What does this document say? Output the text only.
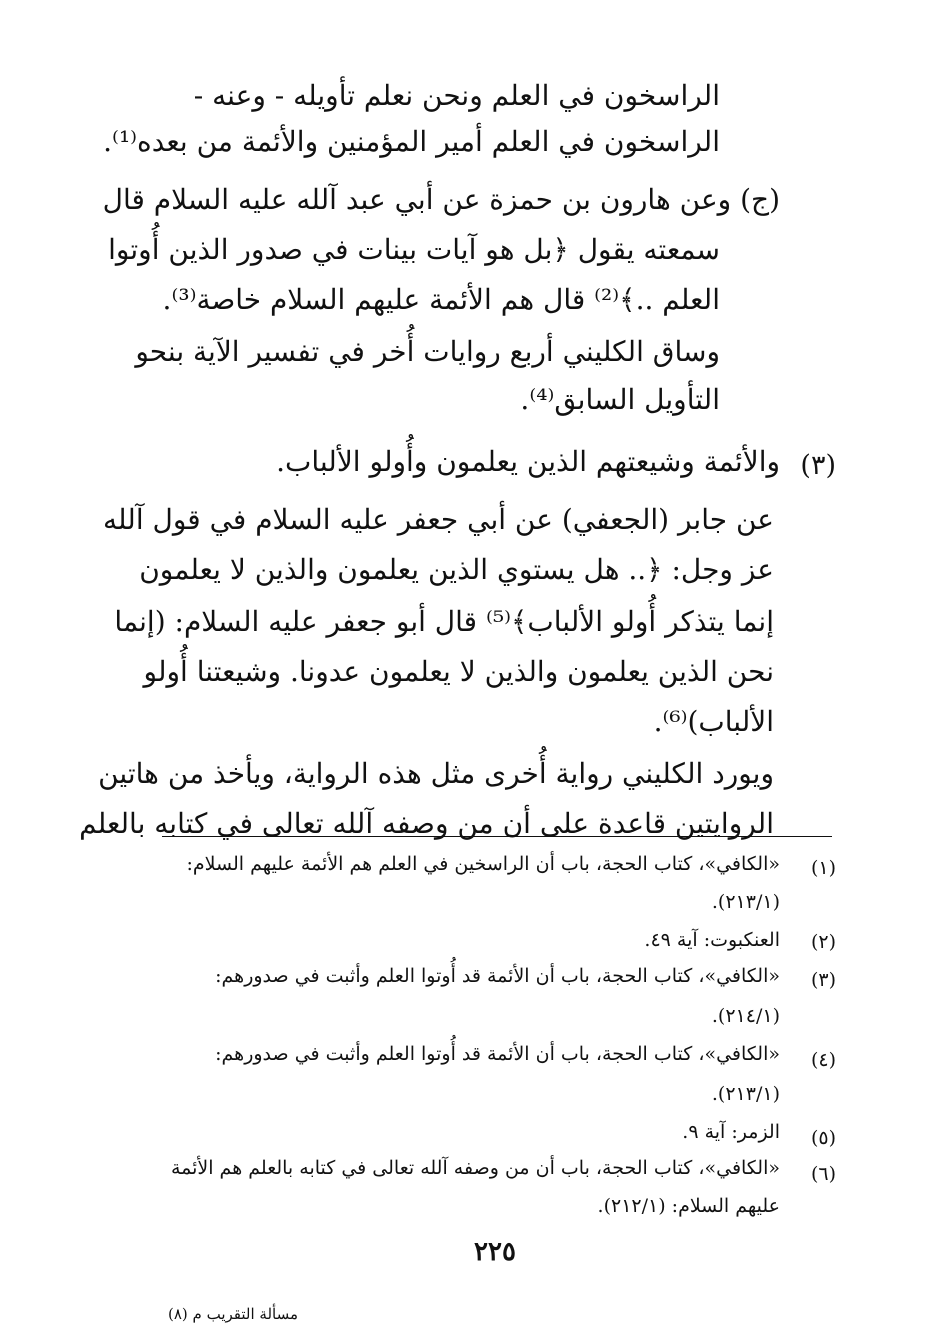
الراسخون في العلم ونحن نعلم تأويله - وعنه -
الراسخون في العلم أمير المؤمنين والأئمة من بعده⁽¹⁾.
(ج) وعن هارون بن حمزة عن أبي عبد آلله عليه السلام قال
سمعته يقول ﴿بل هو آيات بينات في صدور الذين أُوتوا
العلم ..﴾⁽²⁾ قال هم الأئمة عليهم السلام خاصة⁽³⁾.
وساق الكليني أربع روايات أُخر في تفسير الآية بنحو
التأويل السابق⁽⁴⁾.
(٣)
والأئمة وشيعتهم الذين يعلمون وأُولو الألباب.
عن جابر (الجعفي) عن أبي جعفر عليه السلام في قول آلله
عز وجل: ﴿.. هل يستوي الذين يعلمون والذين لا يعلمون
إنما يتذكر أُولو الألباب﴾⁽⁵⁾ قال أبو جعفر عليه السلام: (إنما
نحن الذين يعلمون والذين لا يعلمون عدونا. وشيعتنا أُولو
الألباب)⁽⁶⁾.
ويورد الكليني رواية أُخرى مثل هذه الرواية، ويأخذ من هاتين
الروايتين قاعدة على أن من وصفه آلله تعالى في كتابه بالعلم
(١)
«الكافي»، كتاب الحجة، باب أن الراسخين في العلم هم الأئمة عليهم السلام:
(٢١٣/١).
(٢)
العنكبوت: آية ٤٩.
(٣)
«الكافي»، كتاب الحجة، باب أن الأئمة قد أُوتوا العلم وأثبت في صدورهم:
(٢١٤/١).
(٤)
«الكافي»، كتاب الحجة، باب أن الأئمة قد أُوتوا العلم وأثبت في صدورهم:
(٢١٣/١).
(٥)
الزمر: آية ٩.
(٦)
«الكافي»، كتاب الحجة، باب أن من وصفه آلله تعالى في كتابه بالعلم هم الأئمة
عليهم السلام: (٢١٢/١).
٢٢٥
مسألة التقريب م (٨)
